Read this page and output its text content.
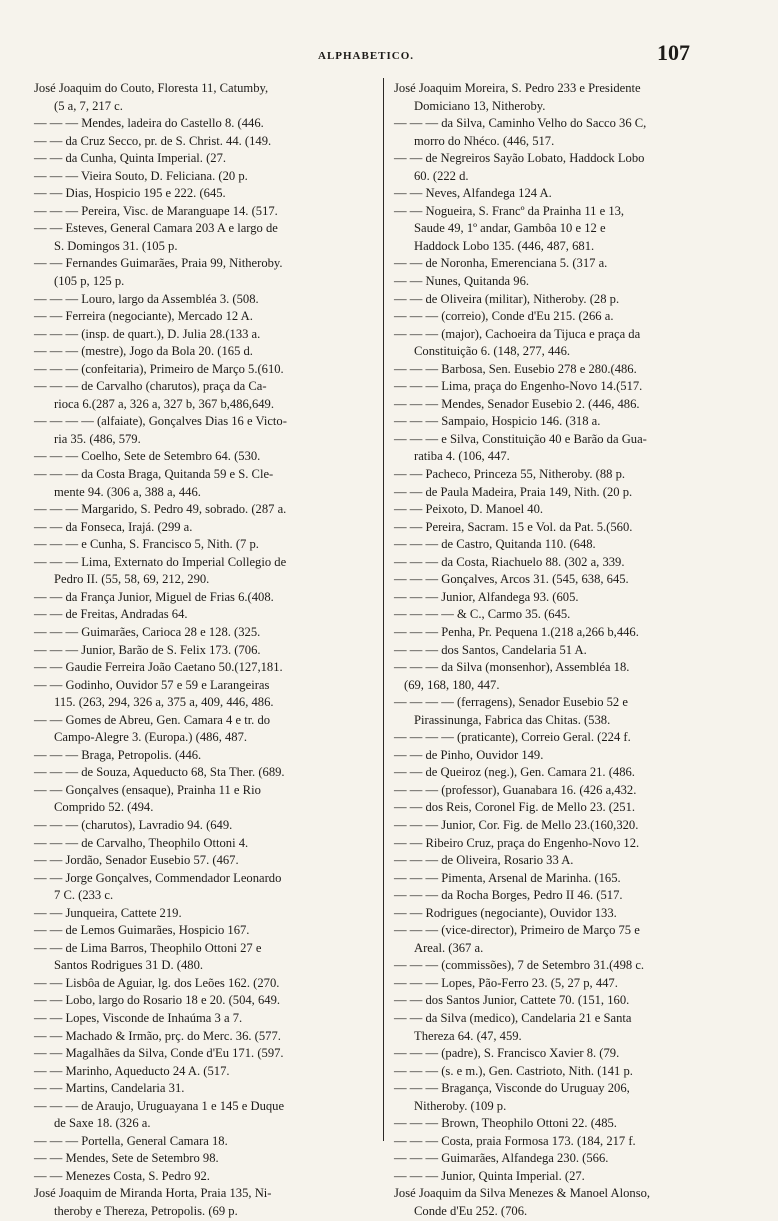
ALPHABETICO.	107
José Joaquim do Couto, Floresta 11, Catumby,
(5 a, 7, 217 c.
— — — Mendes, ladeira do Castello 8. (446.
— — da Cruz Secco, pr. de S. Christ. 44. (149.
— — da Cunha, Quinta Imperial. (27.
— — — Vieira Souto, D. Feliciana. (20 p.
— — Dias, Hospicio 195 e 222. (645.
— — — Pereira, Visc. de Maranguape 14. (517.
— — Esteves, General Camara 203 A e largo de
S. Domingos 31. (105 p.
— — Fernandes Guimarães, Praia 99, Nitheroby.
(105 p, 125 p.
— — — Louro, largo da Assembléa 3. (508.
— — Ferreira (negociante), Mercado 12 A.
— — — (insp. de quart.), D. Julia 28.(133 a.
— — — (mestre), Jogo da Bola 20. (165 d.
— — — (confeitaria), Primeiro de Março 5.(610.
— — — de Carvalho (charutos), praça da Ca-
rioca 6.(287 a, 326 a, 327 b, 367 b,486,649.
— — — — (alfaiate), Gonçalves Dias 16 e Victo-
ria 35. (486, 579.
— — — Coelho, Sete de Setembro 64. (530.
— — — da Costa Braga, Quitanda 59 e S. Cle-
mente 94. (306 a, 388 a, 446.
— — — Margarido, S. Pedro 49, sobrado. (287 a.
— — da Fonseca, Irajá. (299 a.
— — — e Cunha, S. Francisco 5, Nith. (7 p.
— — — Lima, Externato do Imperial Collegio de
Pedro II. (55, 58, 69, 212, 290.
— — da França Junior, Miguel de Frias 6.(408.
— — de Freitas, Andradas 64.
— — — Guimarães, Carioca 28 e 128. (325.
— — — Junior, Barão de S. Felix 173. (706.
— — Gaudie Ferreira João Caetano 50.(127,181.
— — Godinho, Ouvidor 57 e 59 e Larangeiras
115. (263, 294, 326 a, 375 a, 409, 446, 486.
— — Gomes de Abreu, Gen. Camara 4 e tr. do
Campo-Alegre 3. (Europa.) (486, 487.
— — — Braga, Petropolis. (446.
— — — de Souza, Aqueducto 68, Sta Ther. (689.
— — Gonçalves (ensaque), Prainha 11 e Rio
Comprido 52. (494.
— — — (charutos), Lavradio 94. (649.
— — — de Carvalho, Theophilo Ottoni 4.
— — Jordão, Senador Eusebio 57. (467.
— — Jorge Gonçalves, Commendador Leonardo
7 C. (233 c.
— — Junqueira, Cattete 219.
— — de Lemos Guimarães, Hospicio 167.
— — de Lima Barros, Theophilo Ottoni 27 e
Santos Rodrigues 31 D. (480.
— — Lisbôa de Aguiar, lg. dos Leões 162. (270.
— — Lobo, largo do Rosario 18 e 20. (504, 649.
— — Lopes, Visconde de Inhaúma 3 a 7.
— — Machado & Irmão, prç. do Merc. 36. (577.
— — Magalhães da Silva, Conde d'Eu 171. (597.
— — Marinho, Aqueducto 24 A. (517.
— — Martins, Candelaria 31.
— — — de Araujo, Uruguayana 1 e 145 e Duque
de Saxe 18. (326 a.
— — — Portella, General Camara 18.
— — Mendes, Sete de Setembro 98.
— — Menezes Costa, S. Pedro 92.
José Joaquim de Miranda Horta, Praia 135, Ni-
theroby e Thereza, Petropolis. (69 p.
José Joaquim Moreira, S. Pedro 233 e Presidente
Domiciano 13, Nitheroby.
— — — da Silva, Caminho Velho do Sacco 36 C,
morro do Nhéco. (446, 517.
— — de Negreiros Sayão Lobato, Haddock Lobo
60. (222 d.
— — Neves, Alfandega 124 A.
— — Nogueira, S. Francº da Prainha 11 e 13,
Saude 49, 1º andar, Gambôa 10 e 12 e
Haddock Lobo 135. (446, 487, 681.
— — de Noronha, Emerenciana 5. (317 a.
— — Nunes, Quitanda 96.
— — de Oliveira (militar), Nitheroby. (28 p.
— — — (correio), Conde d'Eu 215. (266 a.
— — — (major), Cachoeira da Tijuca e praça da
Constituição 6. (148, 277, 446.
— — — Barbosa, Sen. Eusebio 278 e 280.(486.
— — — Lima, praça do Engenho-Novo 14.(517.
— — — Mendes, Senador Eusebio 2. (446, 486.
— — — Sampaio, Hospicio 146. (318 a.
— — — e Silva, Constituição 40 e Barão da Gua-
ratiba 4. (106, 447.
— — Pacheco, Princeza 55, Nitheroby. (88 p.
— — de Paula Madeira, Praia 149, Nith. (20 p.
— — Peixoto, D. Manoel 40.
— — Pereira, Sacram. 15 e Vol. da Pat. 5.(560.
— — — de Castro, Quitanda 110. (648.
— — — da Costa, Riachuelo 88. (302 a, 339.
— — — Gonçalves, Arcos 31. (545, 638, 645.
— — — Junior, Alfandega 93. (605.
— — — — & C., Carmo 35. (645.
— — — Penha, Pr. Pequena 1.(218 a,266 b,446.
— — — dos Santos, Candelaria 51 A.
— — — da Silva (monsenhor), Assembléa 18.
(69, 168, 180, 447.
— — — — (ferragens), Senador Eusebio 52 e
Pirassinunga, Fabrica das Chitas. (538.
— — — — (praticante), Correio Geral. (224 f.
— — de Pinho, Ouvidor 149.
— — de Queiroz (neg.), Gen. Camara 21. (486.
— — — (professor), Guanabara 16. (426 a,432.
— — dos Reis, Coronel Fig. de Mello 23. (251.
— — — Junior, Cor. Fig. de Mello 23.(160,320.
— — Ribeiro Cruz, praça do Engenho-Novo 12.
— — — de Oliveira, Rosario 33 A.
— — — Pimenta, Arsenal de Marinha. (165.
— — — da Rocha Borges, Pedro II 46. (517.
— — Rodrigues (negociante), Ouvidor 133.
— — — (vice-director), Primeiro de Março 75 e
Areal. (367 a.
— — — (commissões), 7 de Setembro 31.(498 c.
— — — Lopes, Pão-Ferro 23. (5, 27 p, 447.
— — dos Santos Junior, Cattete 70. (151, 160.
— — da Silva (medico), Candelaria 21 e Santa
Thereza 64. (47, 459.
— — — (padre), S. Francisco Xavier 8. (79.
— — — (s. e m.), Gen. Castrioto, Nith. (141 p.
— — — Bragança, Visconde do Uruguay 206,
Nitheroby. (109 p.
— — — Brown, Theophilo Ottoni 22. (485.
— — — Costa, praia Formosa 173. (184, 217 f.
— — — Guimarães, Alfandega 230. (566.
— — — Junior, Quinta Imperial. (27.
José Joaquim da Silva Menezes & Manoel Alonso,
Conde d'Eu 252. (706.
